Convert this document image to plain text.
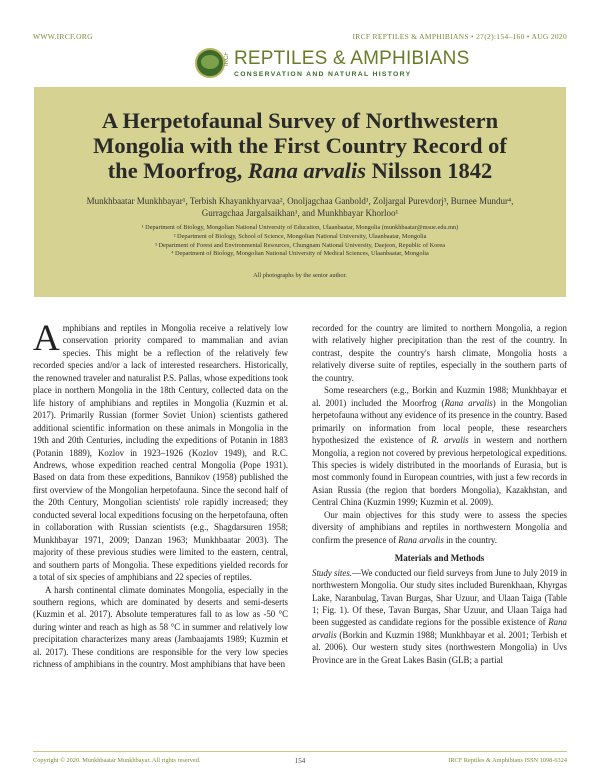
WWW.IRCF.ORG	IRCF REPTILES & AMPHIBIANS • 27(2):154–160 • AUG 2020
IRCF REPTILES & AMPHIBIANS
CONSERVATION AND NATURAL HISTORY
A Herpetofaunal Survey of Northwestern
Mongolia with the First Country Record of
the Moorfrog, Rana arvalis Nilsson 1842
Munkhbaatar Munkhbayar¹, Terbish Khayankhyarvaa², Onoljagchaa Ganbold¹, Zoljargal Purevdorj³, Burnee Mundur⁴,
Gurragchaa Jargalsaikhan¹, and Munkhbayar Khorloo¹
¹ Department of Biology, Mongolian National University of Education, Ulaanbaatar, Mongolia (munkhbaatar@msue.edu.mn)
² Department of Biology, School of Science, Mongolian National University, Ulaanbaatar, Mongolia
³ Department of Forest and Environmental Resources, Chungnam National University, Daejeon, Republic of Korea
⁴ Department of Biology, Mongolian National University of Medical Sciences, Ulaanbaatar, Mongolia
All photographs by the senior author.

Amphibians and reptiles in Mongolia receive a relatively low conservation priority compared to mammalian and avian species. This might be a reflection of the relatively few recorded species and/or a lack of interested researchers. Historically, the renowned traveler and naturalist P.S. Pallas, whose expeditions took place in northern Mongolia in the 18th Century, collected data on the life history of amphibians and reptiles in Mongolia (Kuzmin et al. 2017). Primarily Russian (former Soviet Union) scientists gathered additional scientific information on these animals in Mongolia in the 19th and 20th Centuries, including the expeditions of Potanin in 1883 (Potanin 1889), Kozlov in 1923–1926 (Kozlov 1949), and R.C. Andrews, whose expedition reached central Mongolia (Pope 1931). Based on data from these expeditions, Bannikov (1958) published the first overview of the Mongolian herpetofauna. Since the second half of the 20th Century, Mongolian scientists' role rapidly increased; they conducted several local expeditions focusing on the herpetofauna, often in collaboration with Russian scientists (e.g., Shagdarsuren 1958; Munkhbayar 1971, 2009; Danzan 1963; Munkhbaatar 2003). The majority of these previous studies were limited to the eastern, central, and southern parts of Mongolia. These expeditions yielded records for a total of six species of amphibians and 22 species of reptiles.

A harsh continental climate dominates Mongolia, especially in the southern regions, which are dominated by deserts and semi-deserts (Kuzmin et al. 2017). Absolute temperatures fall to as low as -50 °C during winter and reach as high as 58 °C in summer and relatively low precipitation characterizes many areas (Jambaajamts 1989; Kuzmin et al. 2017). These conditions are responsible for the very low species richness of amphibians in the country. Most amphibians that have been

recorded for the country are limited to northern Mongolia, a region with relatively higher precipitation than the rest of the country. In contrast, despite the country's harsh climate, Mongolia hosts a relatively diverse suite of reptiles, especially in the southern parts of the country.

Some researchers (e.g., Borkin and Kuzmin 1988; Munkhbayar et al. 2001) included the Moorfrog (Rana arvalis) in the Mongolian herpetofauna without any evidence of its presence in the country. Based primarily on information from local people, these researchers hypothesized the existence of R. arvalis in western and northern Mongolia, a region not covered by previous herpetological expeditions. This species is widely distributed in the moorlands of Eurasia, but is most commonly found in European countries, with just a few records in Asian Russia (the region that borders Mongolia), Kazakhstan, and Central China (Kuzmin 1999; Kuzmin et al. 2009).

Our main objectives for this study were to assess the species diversity of amphibians and reptiles in northwestern Mongolia and confirm the presence of Rana arvalis in the country.

Materials and Methods

Study sites.—We conducted our field surveys from June to July 2019 in northwestern Mongolia. Our study sites included Burenkhaan, Khyrgas Lake, Naranbulag, Tavan Burgas, Shar Uzuur, and Ulaan Taiga (Table 1; Fig. 1). Of these, Tavan Burgas, Shar Uzuur, and Ulaan Taiga had been suggested as candidate regions for the possible existence of Rana arvalis (Borkin and Kuzmin 1988; Munkhbayar et al. 2001; Terbish et al. 2006). Our western study sites (northwestern Mongolia) in Uvs Province are in the Great Lakes Basin (GLB; a partial

Copyright © 2020. Munkhbaatar Munkhbayar. All rights reserved.	154	IRCF Reptiles & Amphibians ISSN 1098-6324
